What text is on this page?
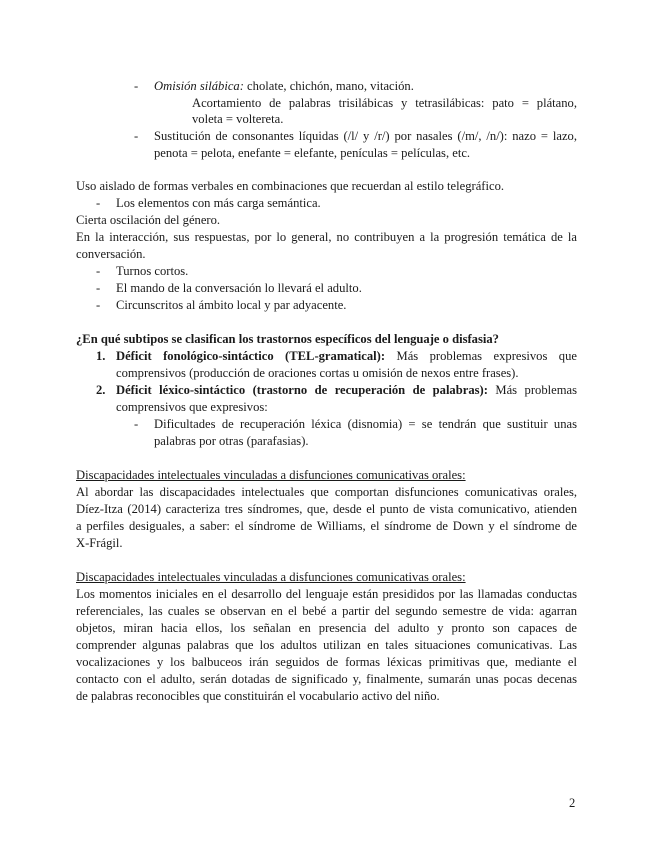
- Omisión silábica: cholate, chichón, mano, vitación.
Acortamiento de palabras trisilábicas y tetrasilábicas: pato = plátano,
voleta = voltereta.
- Sustitución de consonantes líquidas (/l/ y /r/) por nasales (/m/, /n/): nazo = lazo,
penota = pelota, enefante = elefante, penículas = películas, etc.
Uso aislado de formas verbales en combinaciones que recuerdan al estilo telegráfico.
- Los elementos con más carga semántica.
Cierta oscilación del género.
En la interacción, sus respuestas, por lo general, no contribuyen a la progresión temática de la
conversación.
- Turnos cortos.
- El mando de la conversación lo llevará el adulto.
- Circunscritos al ámbito local y par adyacente.
¿En qué subtipos se clasifican los trastornos específicos del lenguaje o disfasia?
1. Déficit fonológico-sintáctico (TEL-gramatical): Más problemas expresivos que
comprensivos (producción de oraciones cortas u omisión de nexos entre frases).
2. Déficit léxico-sintáctico (trastorno de recuperación de palabras): Más problemas
comprensivos que expresivos:
- Dificultades de recuperación léxica (disnomia) = se tendrán que sustituir unas
palabras por otras (parafasias).
Discapacidades intelectuales vinculadas a disfunciones comunicativas orales:
Al abordar las discapacidades intelectuales que comportan disfunciones comunicativas orales,
Díez-Itza (2014) caracteriza tres síndromes, que, desde el punto de vista comunicativo, atienden
a perfiles desiguales, a saber: el síndrome de Williams, el síndrome de Down y el síndrome de
X-Frágil.
Discapacidades intelectuales vinculadas a disfunciones comunicativas orales:
Los momentos iniciales en el desarrollo del lenguaje están presididos por las llamadas conductas
referenciales, las cuales se observan en el bebé a partir del segundo semestre de vida: agarran
objetos, miran hacia ellos, los señalan en presencia del adulto y pronto son capaces de
comprender algunas palabras que los adultos utilizan en tales situaciones comunicativas. Las
vocalizaciones y los balbuceos irán seguidos de formas léxicas primitivas que, mediante el
contacto con el adulto, serán dotadas de significado y, finalmente, sumarán unas pocas decenas
de palabras reconocibles que constituirán el vocabulario activo del niño.
2
